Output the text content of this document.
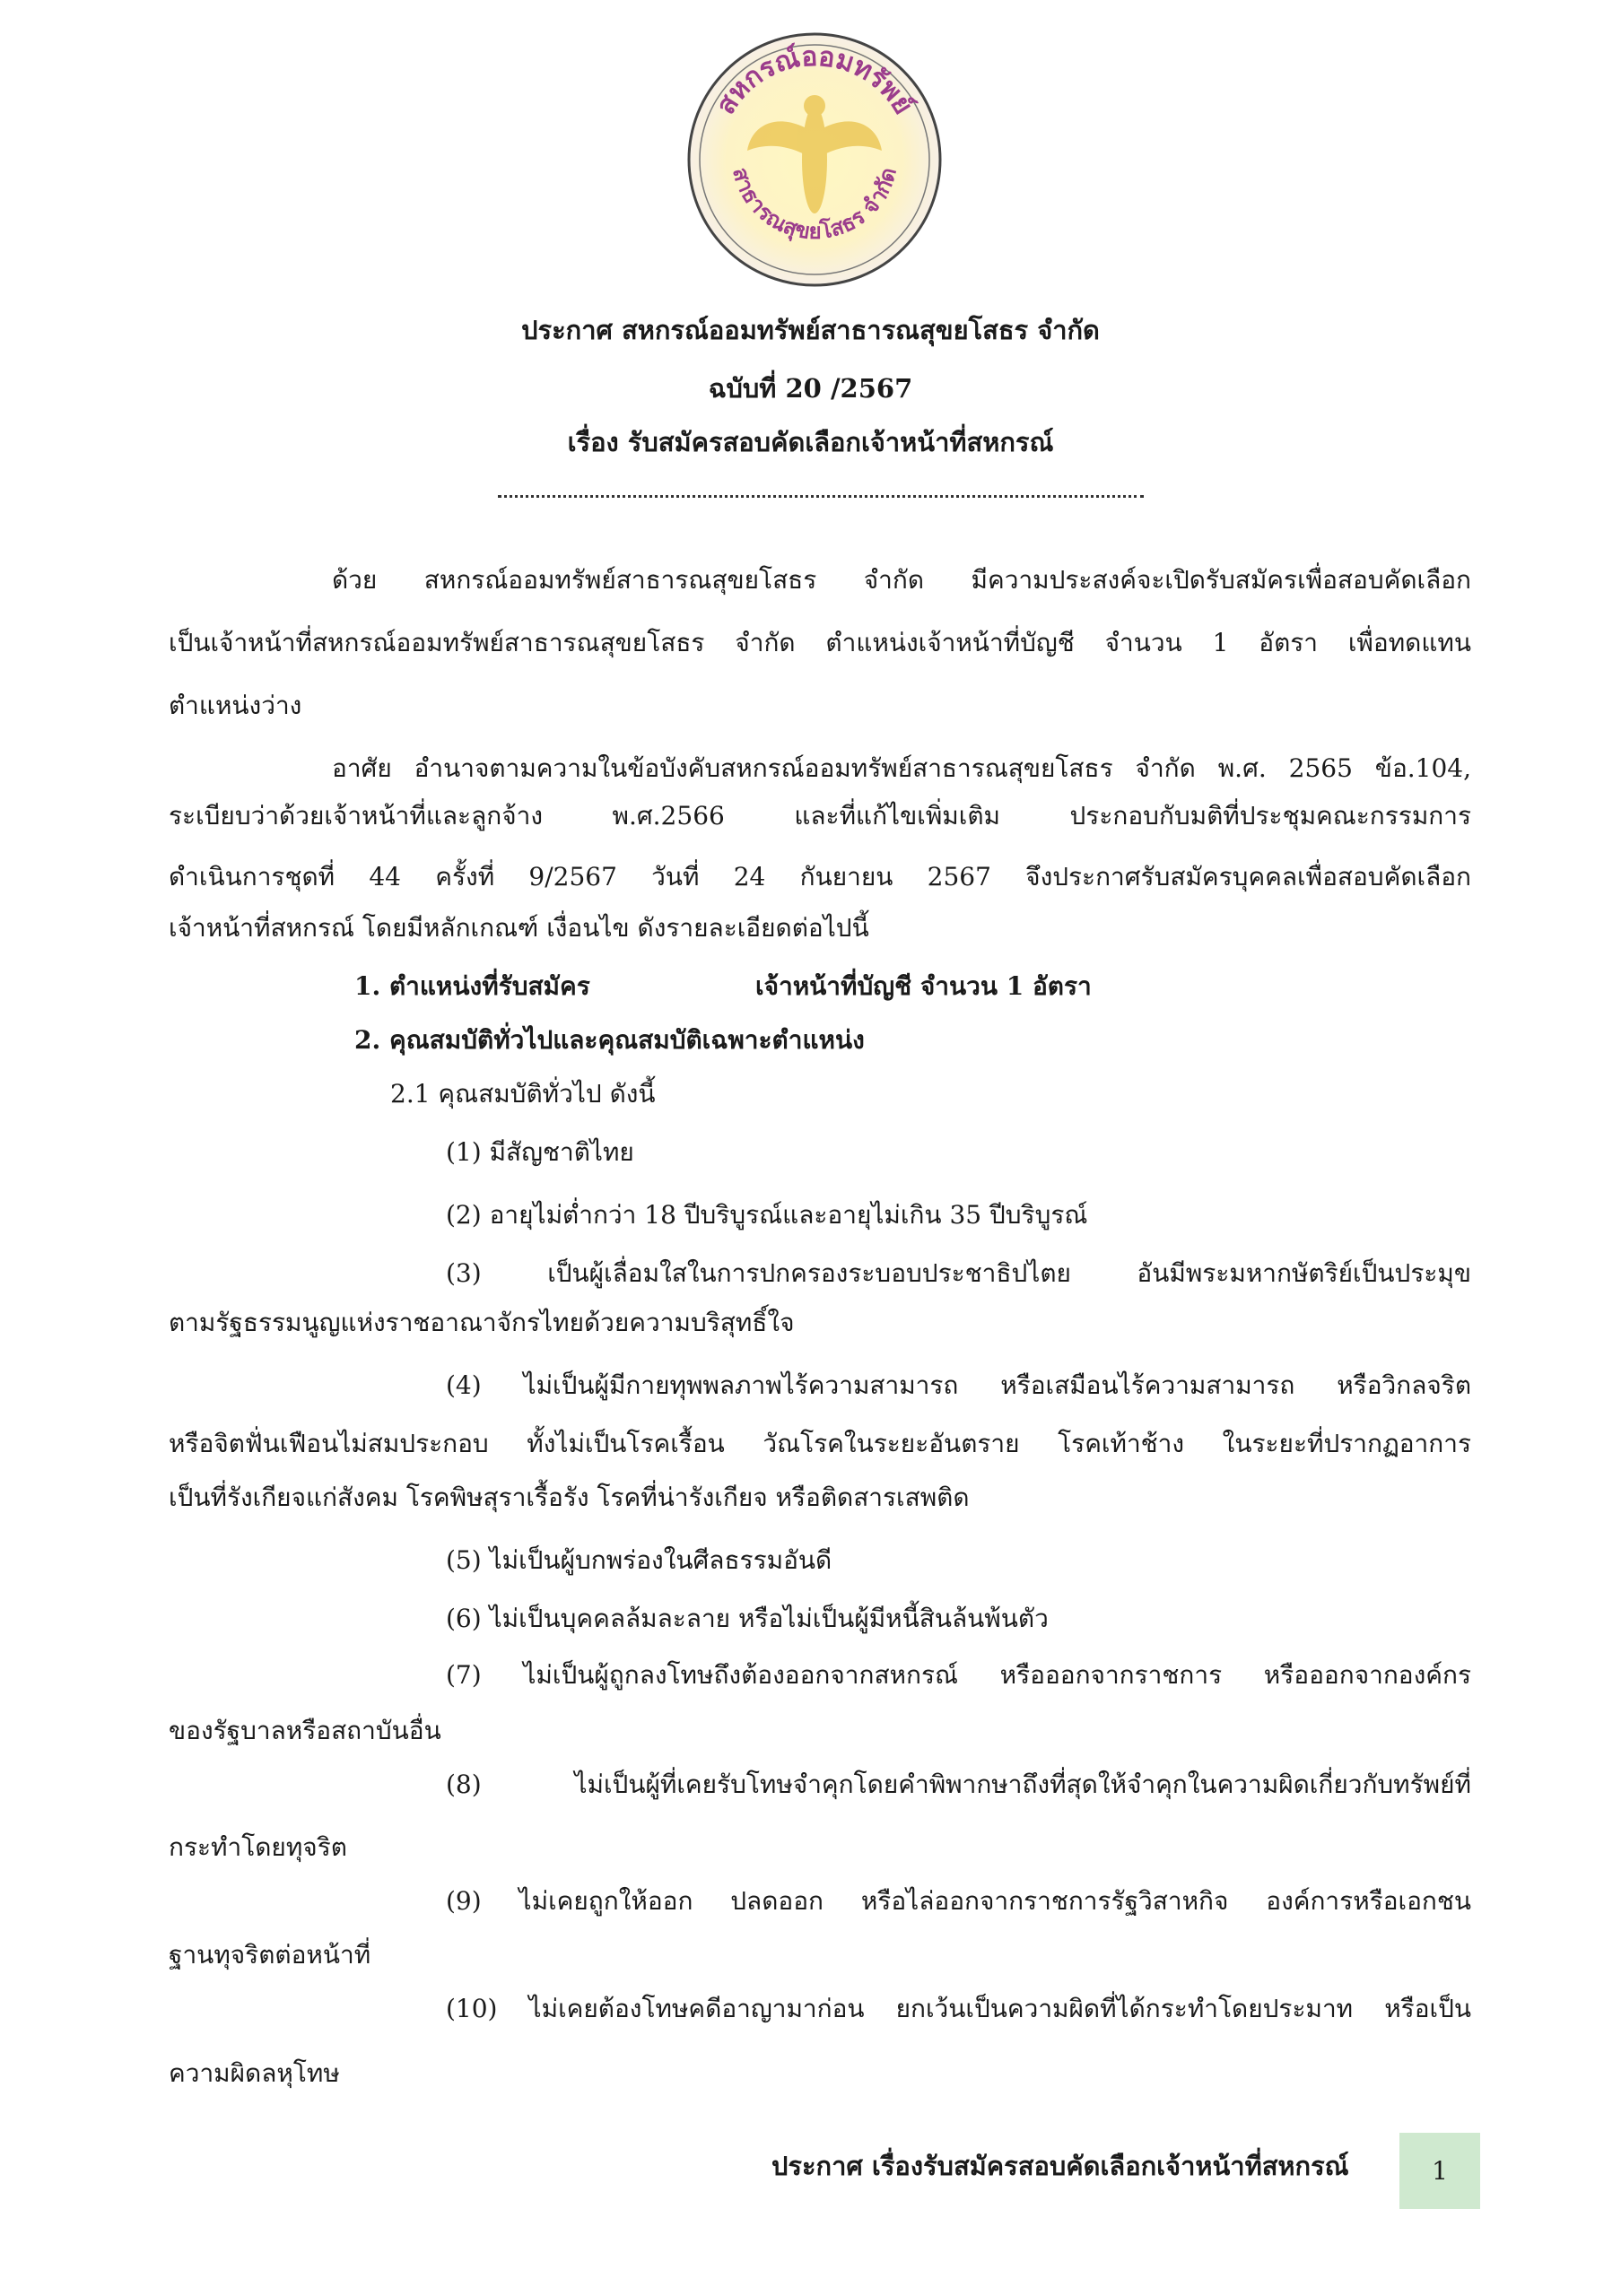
สหกรณ์ออมทรัพย์
สาธารณสุขยโสธร จำกัด
ประกาศ สหกรณ์ออมทรัพย์สาธารณสุขยโสธร จำกัด
ฉบับที่ 20 /2567
เรื่อง รับสมัครสอบคัดเลือกเจ้าหน้าที่สหกรณ์
ด้วย สหกรณ์ออมทรัพย์สาธารณสุขยโสธร จำกัด มีความประสงค์จะเปิดรับสมัครเพื่อสอบคัดเลือก
เป็นเจ้าหน้าที่สหกรณ์ออมทรัพย์สาธารณสุขยโสธร จำกัด ตำแหน่งเจ้าหน้าที่บัญชี จำนวน 1 อัตรา เพื่อทดแทน
ตำแหน่งว่าง
อาศัย อำนาจตามความในข้อบังคับสหกรณ์ออมทรัพย์สาธารณสุขยโสธร จำกัด พ.ศ. 2565 ข้อ.104,
ระเบียบว่าด้วยเจ้าหน้าที่และลูกจ้าง พ.ศ.2566 และที่แก้ไขเพิ่มเติม ประกอบกับมติที่ประชุมคณะกรรมการ
ดำเนินการชุดที่ 44 ครั้งที่ 9/2567 วันที่ 24 กันยายน 2567 จึงประกาศรับสมัครบุคคลเพื่อสอบคัดเลือก
เจ้าหน้าที่สหกรณ์ โดยมีหลักเกณฑ์ เงื่อนไข ดังรายละเอียดต่อไปนี้
1. ตำแหน่งที่รับสมัคร	เจ้าหน้าที่บัญชี จำนวน 1 อัตรา
2. คุณสมบัติทั่วไปและคุณสมบัติเฉพาะตำแหน่ง
2.1 คุณสมบัติทั่วไป ดังนี้
(1) มีสัญชาติไทย
(2) อายุไม่ต่ำกว่า 18 ปีบริบูรณ์และอายุไม่เกิน 35 ปีบริบูรณ์
(3) เป็นผู้เลื่อมใสในการปกครองระบอบประชาธิปไตย อันมีพระมหากษัตริย์เป็นประมุข
ตามรัฐธรรมนูญแห่งราชอาณาจักรไทยด้วยความบริสุทธิ์ใจ
(4) ไม่เป็นผู้มีกายทุพพลภาพไร้ความสามารถ หรือเสมือนไร้ความสามารถ หรือวิกลจริต
หรือจิตฟั่นเฟือนไม่สมประกอบ ทั้งไม่เป็นโรคเรื้อน วัณโรคในระยะอันตราย โรคเท้าช้าง ในระยะที่ปรากฏอาการ
เป็นที่รังเกียจแก่สังคม โรคพิษสุราเรื้อรัง โรคที่น่ารังเกียจ หรือติดสารเสพติด
(5) ไม่เป็นผู้บกพร่องในศีลธรรมอันดี
(6) ไม่เป็นบุคคลล้มละลาย หรือไม่เป็นผู้มีหนี้สินล้นพ้นตัว
(7) ไม่เป็นผู้ถูกลงโทษถึงต้องออกจากสหกรณ์ หรือออกจากราชการ หรือออกจากองค์กร
ของรัฐบาลหรือสถาบันอื่น
(8) ไม่เป็นผู้ที่เคยรับโทษจำคุกโดยคำพิพากษาถึงที่สุดให้จำคุกในความผิดเกี่ยวกับทรัพย์ที่
กระทำโดยทุจริต
(9) ไม่เคยถูกให้ออก ปลดออก หรือไล่ออกจากราชการรัฐวิสาหกิจ องค์การหรือเอกชน
ฐานทุจริตต่อหน้าที่
(10) ไม่เคยต้องโทษคดีอาญามาก่อน ยกเว้นเป็นความผิดที่ได้กระทำโดยประมาท หรือเป็น
ความผิดลหุโทษ
ประกาศ เรื่องรับสมัครสอบคัดเลือกเจ้าหน้าที่สหกรณ์	1
